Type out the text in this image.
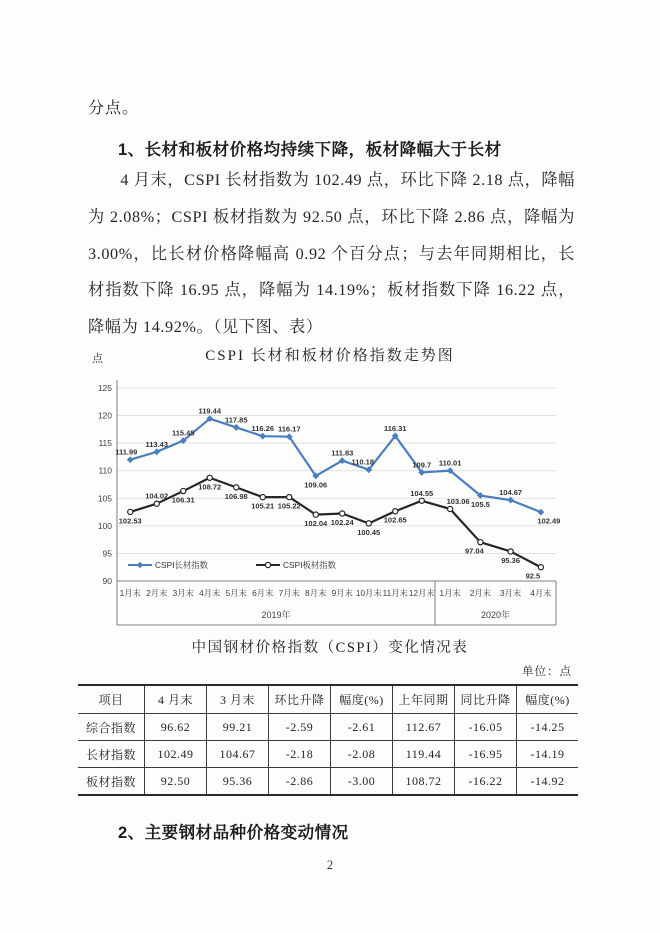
分点。
1、长材和板材价格均持续下降，板材降幅大于长材
4 月末，CSPI 长材指数为 102.49 点，环比下降 2.18 点，降幅为 2.08%；CSPI 板材指数为 92.50 点，环比下降 2.86 点，降幅为 3.00%，比长材价格降幅高 0.92 个百分点；与去年同期相比，长材指数下降 16.95 点，降幅为 14.19%；板材指数下降 16.22 点，降幅为 14.92%。（见下图、表）
CSPI 长材和板材价格指数走势图
点
90
95
100
105
110
115
120
125
1月末 2月末 3月末 4月末 5月末 6月末 7月末 8月末 9月末 10月末 11月末 12月末 1月末 2月末 3月末 4月末
2019年	2020年
111.99
113.43
115.45
119.44
117.85
116.26 116.17
109.06
111.83
110.18
116.31
109.7 110.01
105.5
104.67
102.49
102.53
104.02 106.31
108.72
106.98
105.21 105.22
102.04 102.24
100.45
102.65
104.55
103.06
97.04
95.36
92.5
CSPI长材指数	CSPI板材指数
中国钢材价格指数（CSPI）变化情况表
单位：点
项目	4 月末	3 月末	环比升降	幅度(%)	上年同期	同比升降	幅度(%)
综合指数	96.62	99.21	-2.59	-2.61	112.67	-16.05	-14.25
长材指数	102.49	104.67	-2.18	-2.08	119.44	-16.95	-14.19
板材指数	92.50	95.36	-2.86	-3.00	108.72	-16.22	-14.92
2、主要钢材品种价格变动情况
2
